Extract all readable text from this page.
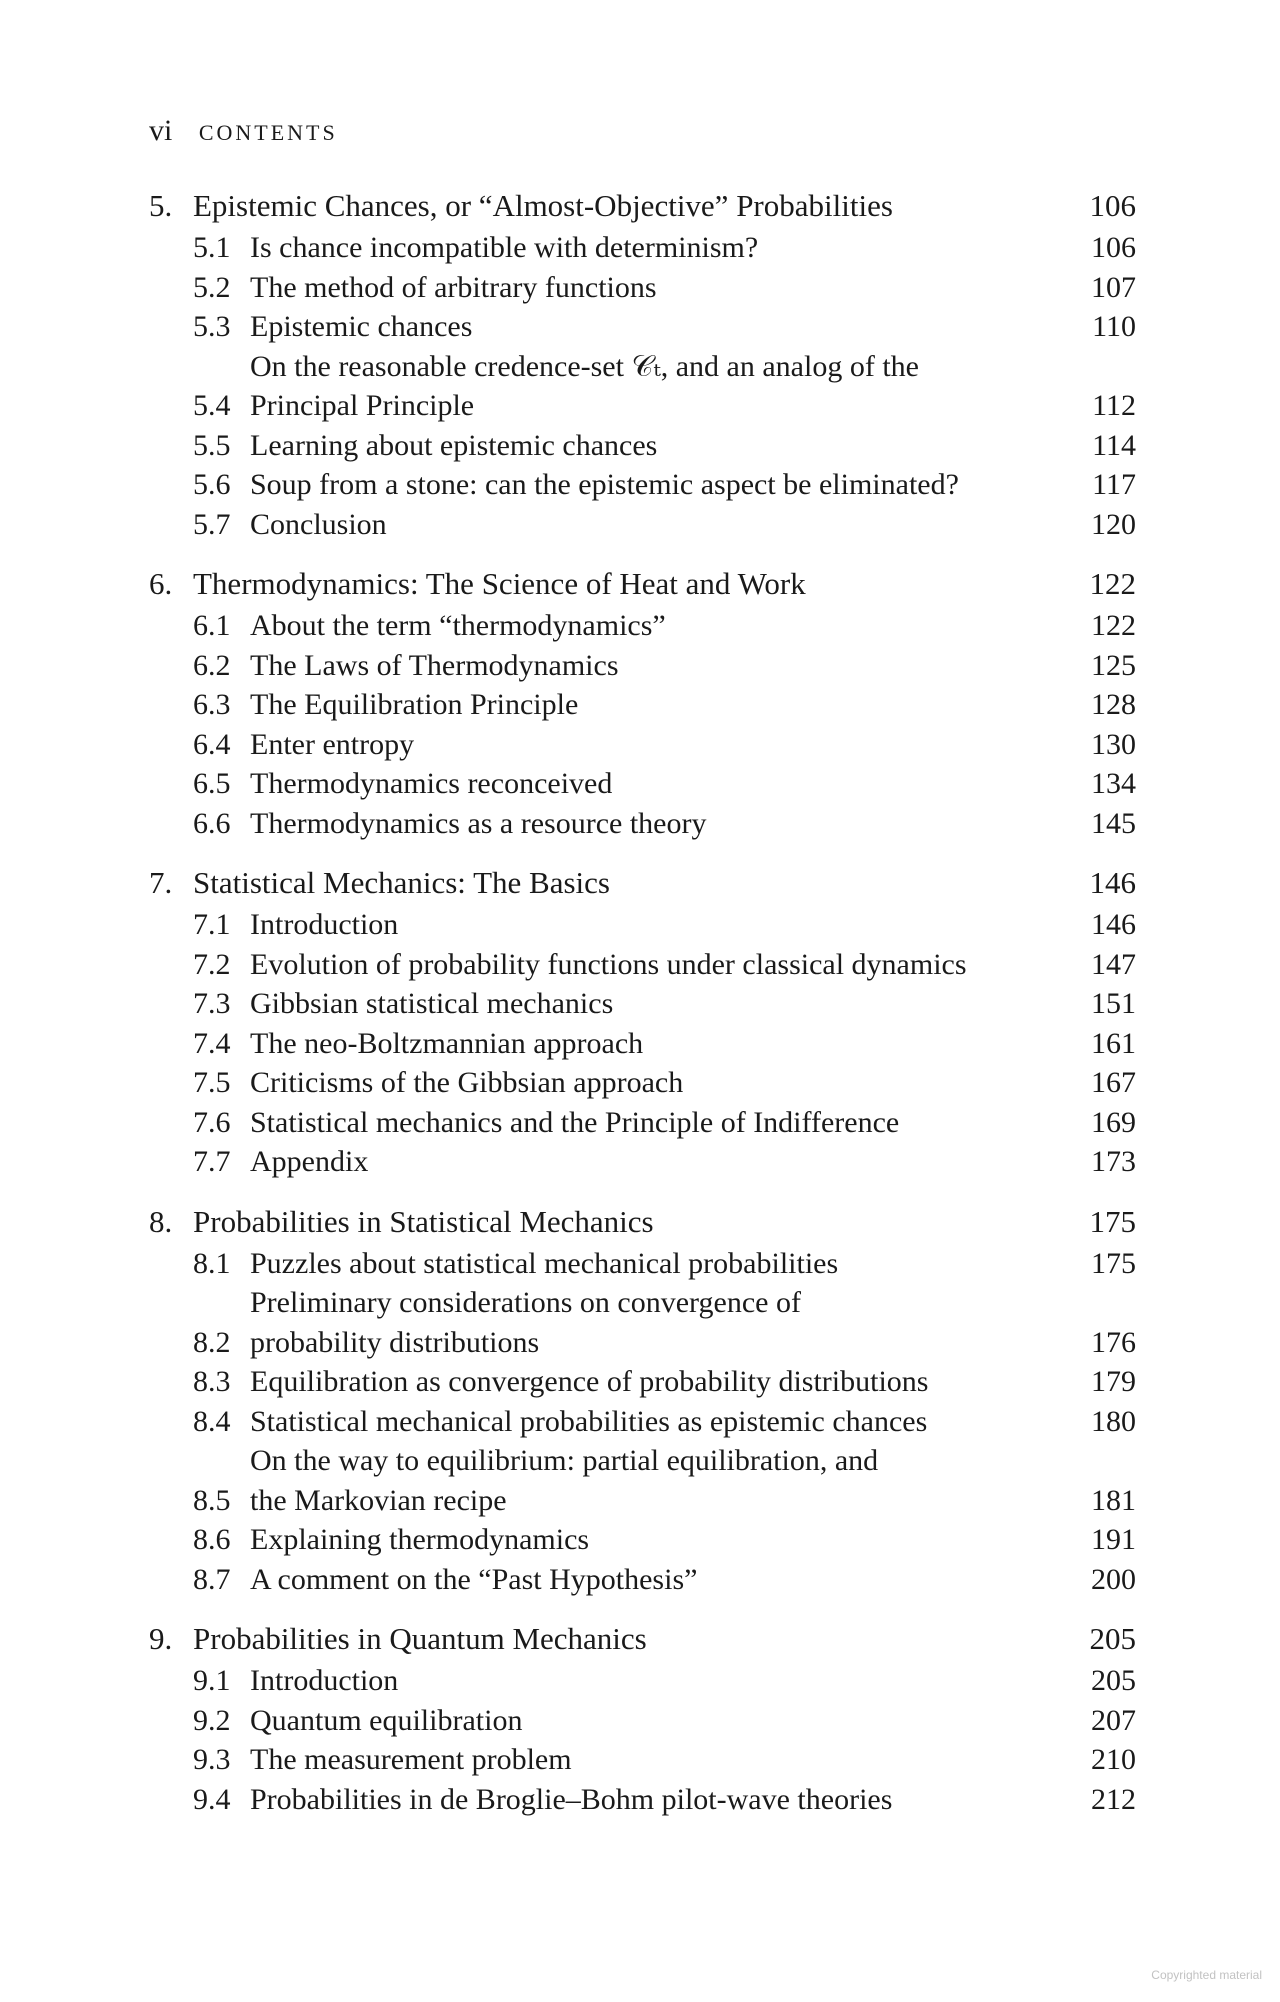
vi CONTENTS
5. Epistemic Chances, or “Almost-Objective” Probabilities	106
5.1 Is chance incompatible with determinism?	106
5.2 The method of arbitrary functions	107
5.3 Epistemic chances	110
5.4
On the reasonable credence-set 𝒞ₜ, and an analog of the
Principal Principle	112
5.5 Learning about epistemic chances	114
5.6 Soup from a stone: can the epistemic aspect be eliminated?	117
5.7 Conclusion	120
6. Thermodynamics: The Science of Heat and Work	122
6.1 About the term “thermodynamics”	122
6.2 The Laws of Thermodynamics	125
6.3 The Equilibration Principle	128
6.4 Enter entropy	130
6.5 Thermodynamics reconceived	134
6.6 Thermodynamics as a resource theory	145
7. Statistical Mechanics: The Basics	146
7.1 Introduction	146
7.2 Evolution of probability functions under classical dynamics	147
7.3 Gibbsian statistical mechanics	151
7.4 The neo-Boltzmannian approach	161
7.5 Criticisms of the Gibbsian approach	167
7.6 Statistical mechanics and the Principle of Indifference	169
7.7 Appendix	173
8. Probabilities in Statistical Mechanics	175
8.1 Puzzles about statistical mechanical probabilities	175
8.2
Preliminary considerations on convergence of
probability distributions	176
8.3 Equilibration as convergence of probability distributions	179
8.4 Statistical mechanical probabilities as epistemic chances	180
8.5
On the way to equilibrium: partial equilibration, and
the Markovian recipe	181
8.6 Explaining thermodynamics	191
8.7 A comment on the “Past Hypothesis”	200
9. Probabilities in Quantum Mechanics	205
9.1 Introduction	205
9.2 Quantum equilibration	207
9.3 The measurement problem	210
9.4 Probabilities in de Broglie–Bohm pilot-wave theories	212
Copyrighted material
